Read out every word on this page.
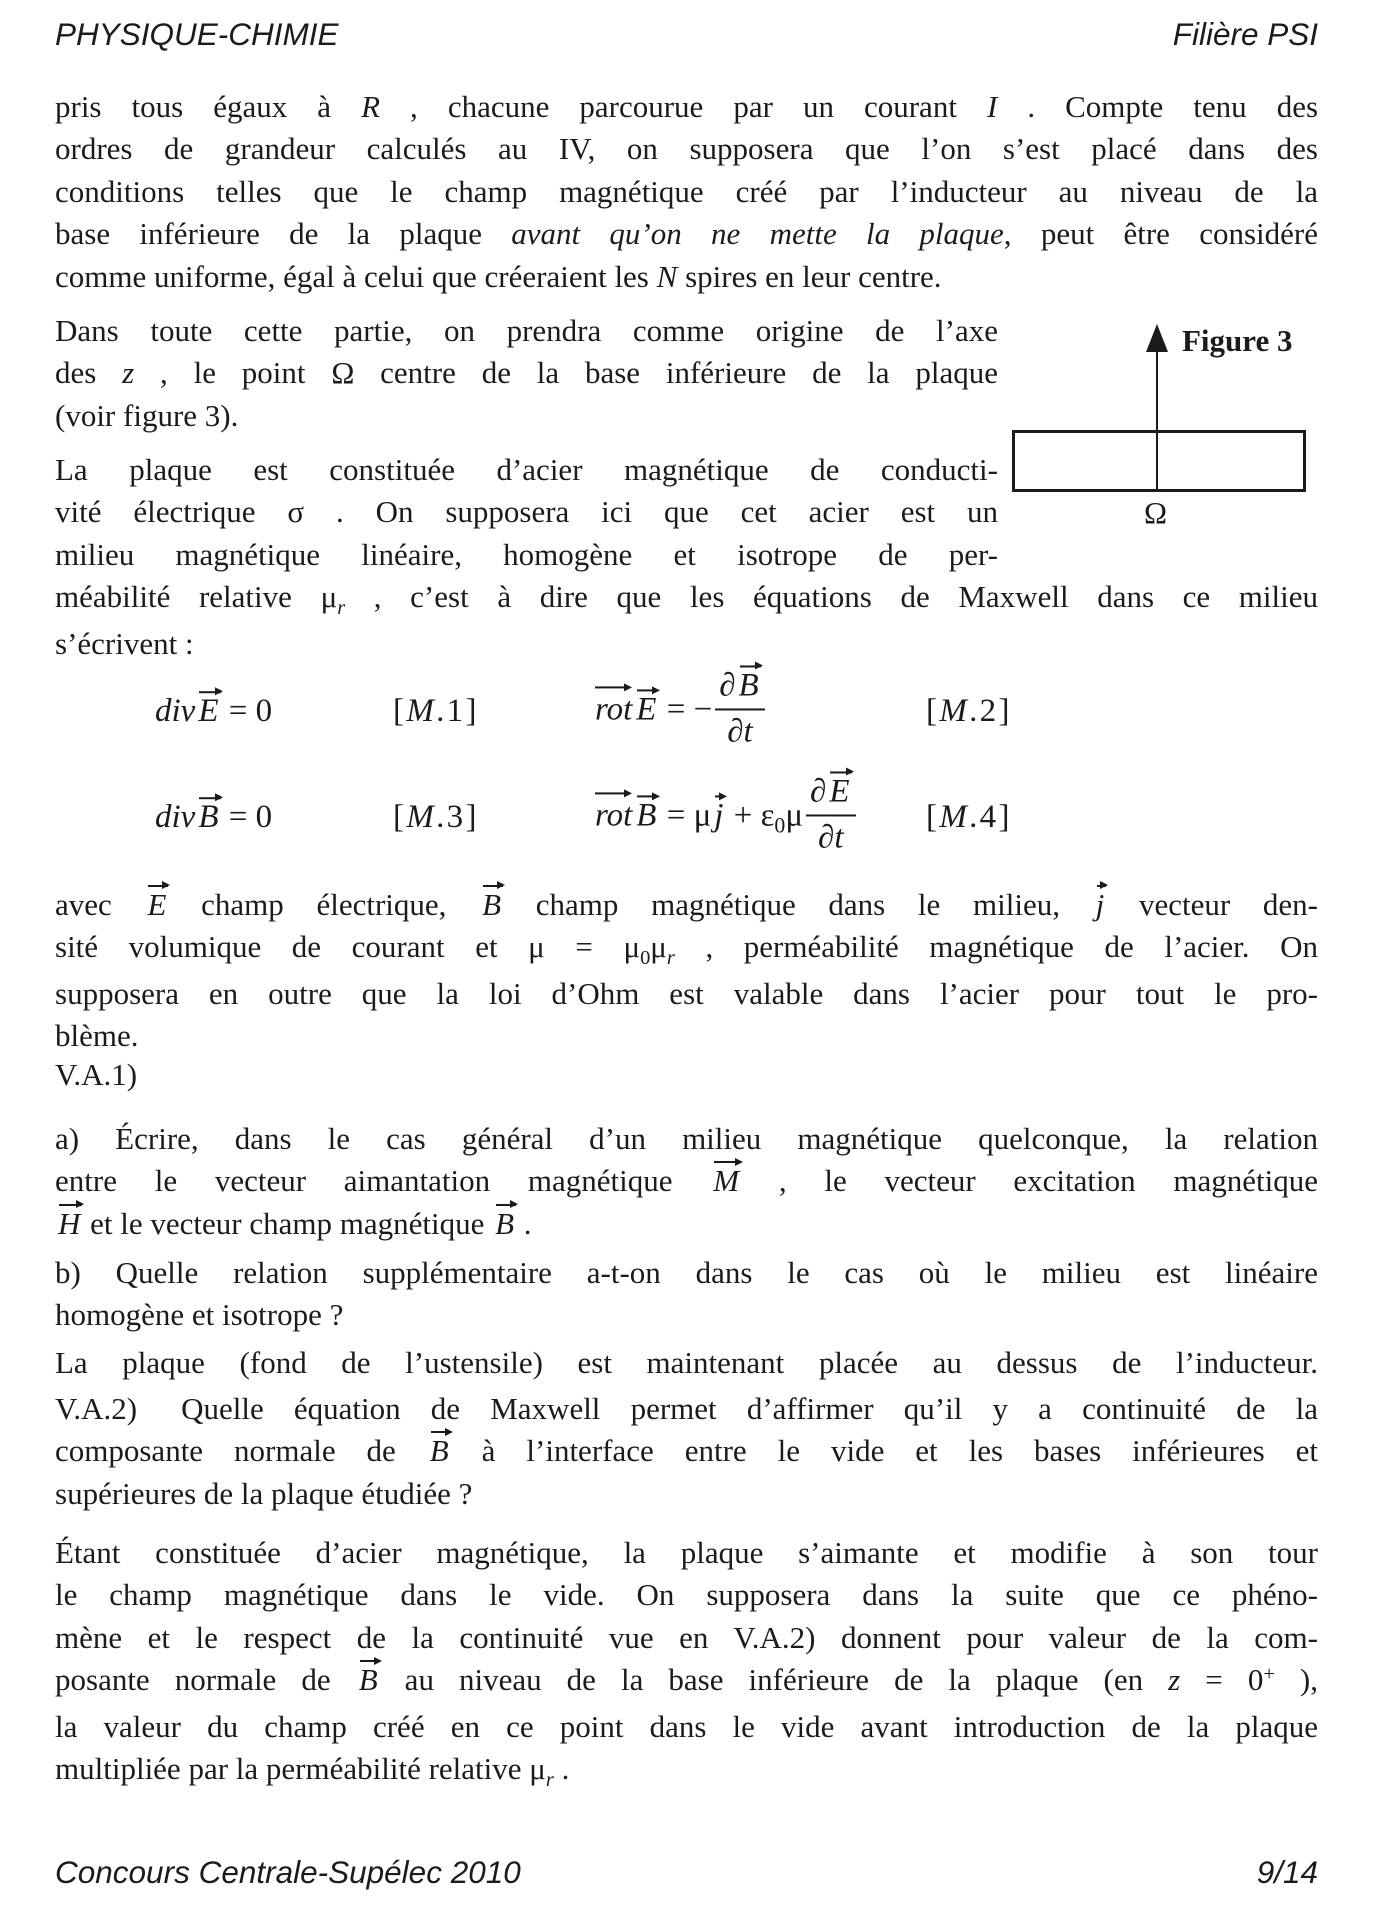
PHYSIQUE-CHIMIE	Filière PSI
Figure 3
Ω
pris tous égaux à R , chacune parcourue par un courant I . Compte tenu des
ordres de grandeur calculés au IV, on supposera que l’on s’est placé dans des
conditions telles que le champ magnétique créé par l’inducteur au niveau de la
base inférieure de la plaque avant qu’on ne mette la plaque, peut être considéré
comme uniforme, égal à celui que créeraient les N spires en leur centre.
Dans toute cette partie, on prendra comme origine de l’axe
des z , le point Ω centre de la base inférieure de la plaque
(voir figure 3).
La plaque est constituée d’acier magnétique de conducti-
vité électrique σ . On supposera ici que cet acier est un
milieu magnétique linéaire, homogène et isotrope de per-
méabilité relative $\mu_r$ , c’est à dire que les équations de Maxwell dans ce milieu
s’écrivent :
div
E = 0	[M.1]	rot E = − ∂
B
∂t	[M.2]
div
B = 0	[M.3]	rot B = μ
$j + \varepsilon_0\mu$ ∂
E
∂t [M.4]
avec
E champ électrique,
B champ magnétique dans le milieu,
j vecteur den-
sité volumique de courant et $\mu = \mu_0\mu_r$ , perméabilité magnétique de l’acier. On
supposera en outre que la loi d’Ohm est valable dans l’acier pour tout le pro-
blème.
V.A.1)
a) Écrire, dans le cas général d’un milieu magnétique quelconque, la relation
entre le vecteur aimantation magnétique
M , le vecteur excitation magnétique
H et le vecteur champ magnétique
B .
b) Quelle relation supplémentaire a-t-on dans le cas où le milieu est linéaire
homogène et isotrope ?
La plaque (fond de l’ustensile) est maintenant placée au dessus de l’inducteur.
V.A.2) Quelle équation de Maxwell permet d’affirmer qu’il y a continuité de la
composante normale de
B à l’interface entre le vide et les bases inférieures et
supérieures de la plaque étudiée ?
Étant constituée d’acier magnétique, la plaque s’aimante et modifie à son tour
le champ magnétique dans le vide. On supposera dans la suite que ce phéno-
mène et le respect de la continuité vue en V.A.2) donnent pour valeur de la com-
posante normale de
B au niveau de la base inférieure de la plaque (en z = 0+ ),
la valeur du champ créé en ce point dans le vide avant introduction de la plaque
multipliée par la perméabilité relative $\mu_r$ .
Concours Centrale-Supélec 2010	9/14
